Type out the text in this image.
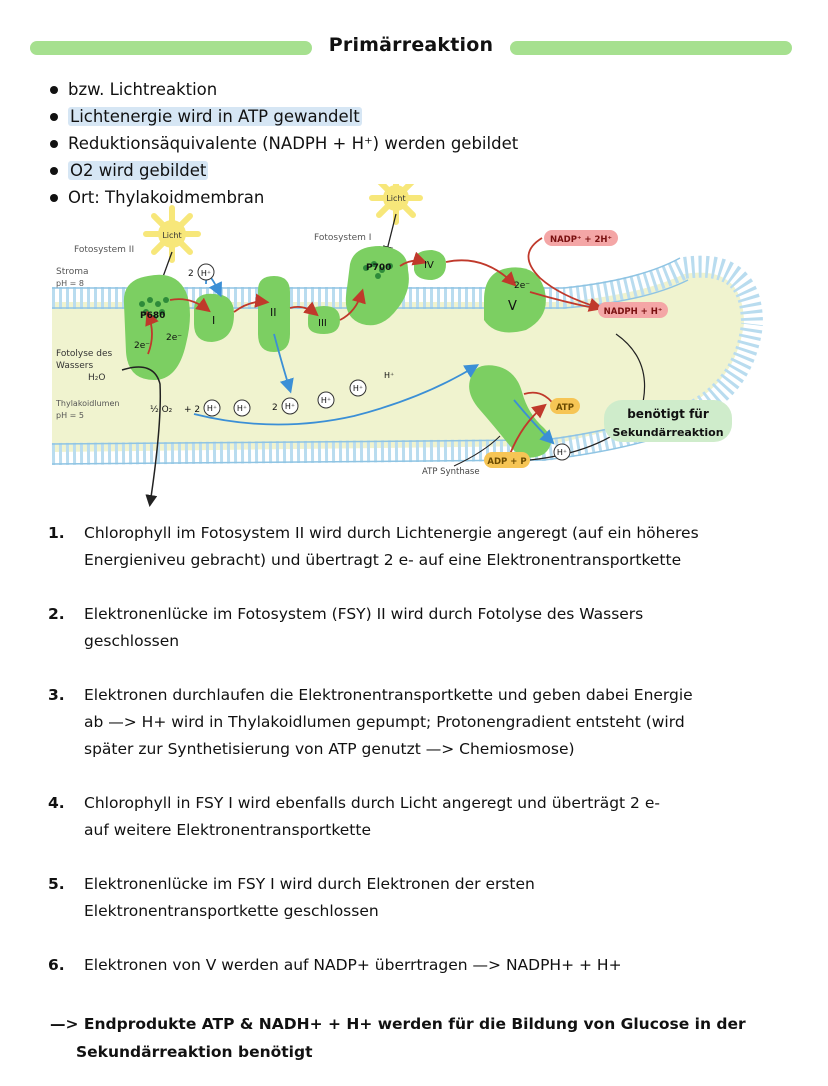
Primärreaktion
bzw. Lichtreaktion
Lichtenergie wird in ATP gewandelt
Reduktionsäquivalente (NADPH + H⁺) werden gebildet
O2 wird gebildet
Ort: Thylakoidmembran
Licht
Licht
Fotosystem II
Fotosystem I
Stroma
pH = 8
Fotolyse des
Wassers
H₂O
Thylakoidlumen
pH = 5
P680
P700
I
II
III
IV
V
2e⁻
2e⁻
2e⁻
2 H⁺
½ O₂ + 2 H⁺ H⁺	2 H⁺
H⁺
H⁺
H⁺
H⁺
NADP⁺ + 2H⁺
NADPH + H⁺
ATP
ADP + P
ATP Synthase
benötigt für
Sekundärreaktion
1. Chlorophyll im Fotosystem II wird durch Lichtenergie angeregt (auf ein höheres
Energieniveu gebracht) und übertragt 2 e- auf eine Elektronentransportkette
2. Elektronenlücke im Fotosystem (FSY) II wird durch Fotolyse des Wassers
geschlossen
3. Elektronen durchlaufen die Elektronentransportkette und geben dabei Energie
ab —> H+ wird in Thylakoidlumen gepumpt; Protonengradient entsteht (wird
später zur Synthetisierung von ATP genutzt —> Chemiosmose)
4. Chlorophyll in FSY I wird ebenfalls durch Licht angeregt und überträgt 2 e-
auf weitere Elektronentransportkette
5. Elektronenlücke im FSY I wird durch Elektronen der ersten
Elektronentransportkette geschlossen
6. Elektronen von V werden auf NADP+ überrtragen —> NADPH+ + H+
—> Endprodukte ATP & NADH+ + H+ werden für die Bildung von Glucose in der
Sekundärreaktion benötigt
